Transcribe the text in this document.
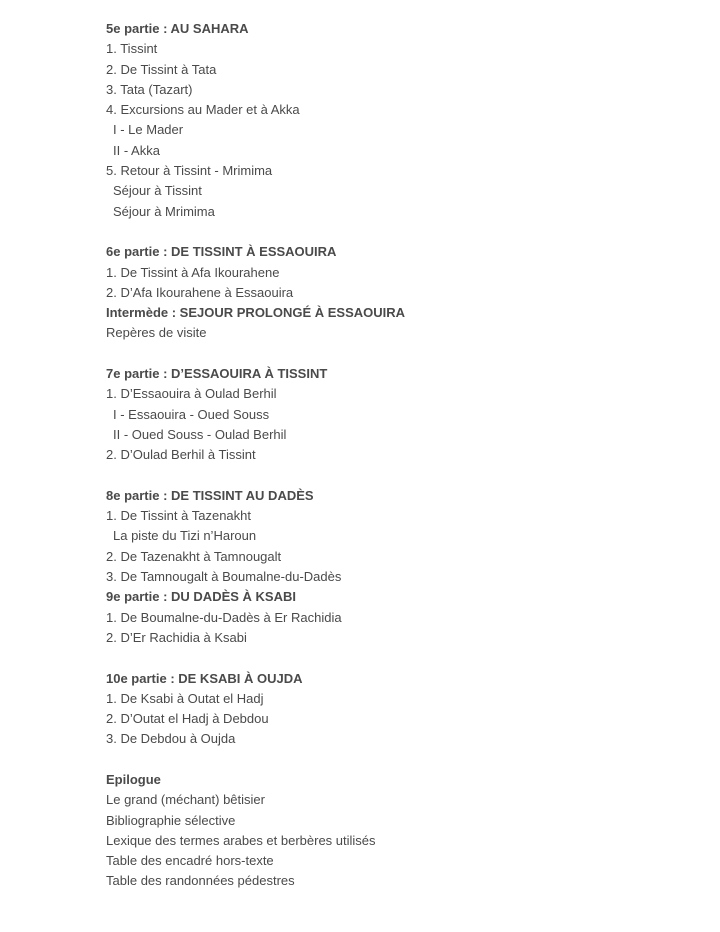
5e partie : AU SAHARA
1. Tissint
2. De Tissint à Tata
3. Tata (Tazart)
4. Excursions au Mader et à Akka
I - Le Mader
II - Akka
5. Retour à Tissint - Mrimima
Séjour à Tissint
Séjour à Mrimima
6e partie : DE TISSINT À ESSAOUIRA
1. De Tissint à Afa Ikourahene
2. D’Afa Ikourahene à Essaouira
Intermède : SEJOUR PROLONGÉ À ESSAOUIRA
Repères de visite
7e partie : D’ESSAOUIRA À TISSINT
1. D’Essaouira à Oulad Berhil
I - Essaouira - Oued Souss
II - Oued Souss - Oulad Berhil
2. D’Oulad Berhil à Tissint
8e partie : DE TISSINT AU DADÈS
1. De Tissint à Tazenakht
La piste du Tizi n’Haroun
2. De Tazenakht à Tamnougalt
3. De Tamnougalt à Boumalne-du-Dadès
9e partie : DU DADÈS À KSABI
1. De Boumalne-du-Dadès à Er Rachidia
2. D’Er Rachidia à Ksabi
10e partie : DE KSABI À OUJDA
1. De Ksabi à Outat el Hadj
2. D’Outat el Hadj à Debdou
3. De Debdou à Oujda
Epilogue
Le grand (méchant) bêtisier
Bibliographie sélective
Lexique des termes arabes et berbères utilisés
Table des encadré hors-texte
Table des randonnées pédestres
